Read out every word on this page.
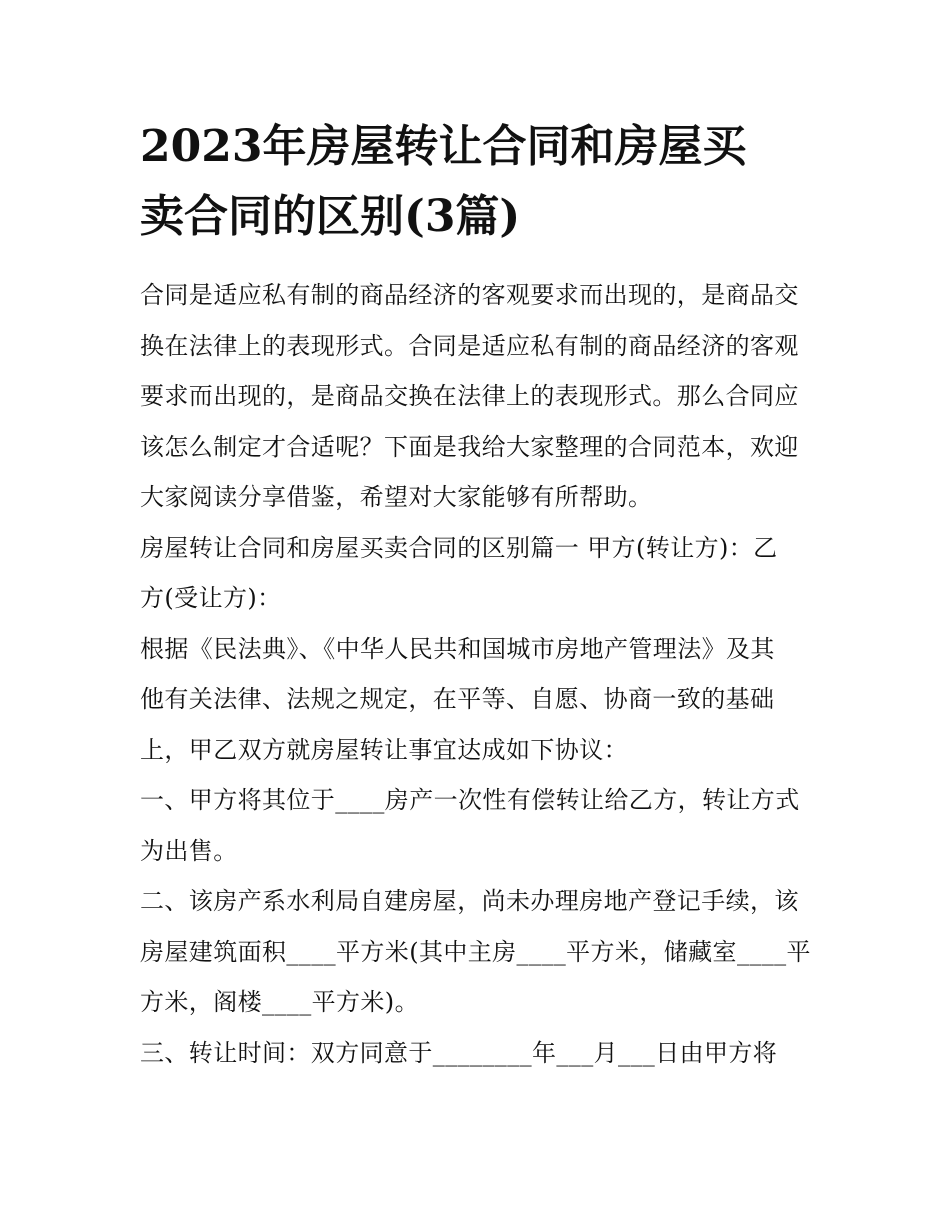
2023年房屋转让合同和房屋买
卖合同的区别(3篇)

合同是适应私有制的商品经济的客观要求而出现的，是商品交
换在法律上的表现形式。合同是适应私有制的商品经济的客观
要求而出现的，是商品交换在法律上的表现形式。那么合同应
该怎么制定才合适呢？下面是我给大家整理的合同范本，欢迎
大家阅读分享借鉴，希望对大家能够有所帮助。

房屋转让合同和房屋买卖合同的区别篇一 甲方(转让方)：乙
方(受让方)：

根据《民法典》、《中华人民共和国城市房地产管理法》及其
他有关法律、法规之规定，在平等、自愿、协商一致的基础
上，甲乙双方就房屋转让事宜达成如下协议：

一、甲方将其位于____房产一次性有偿转让给乙方，转让方式
为出售。

二、该房产系水利局自建房屋，尚未办理房地产登记手续，该
房屋建筑面积____平方米(其中主房____平方米，储藏室____平
方米，阁楼____平方米)。

三、转让时间：双方同意于________年___月___日由甲方将
